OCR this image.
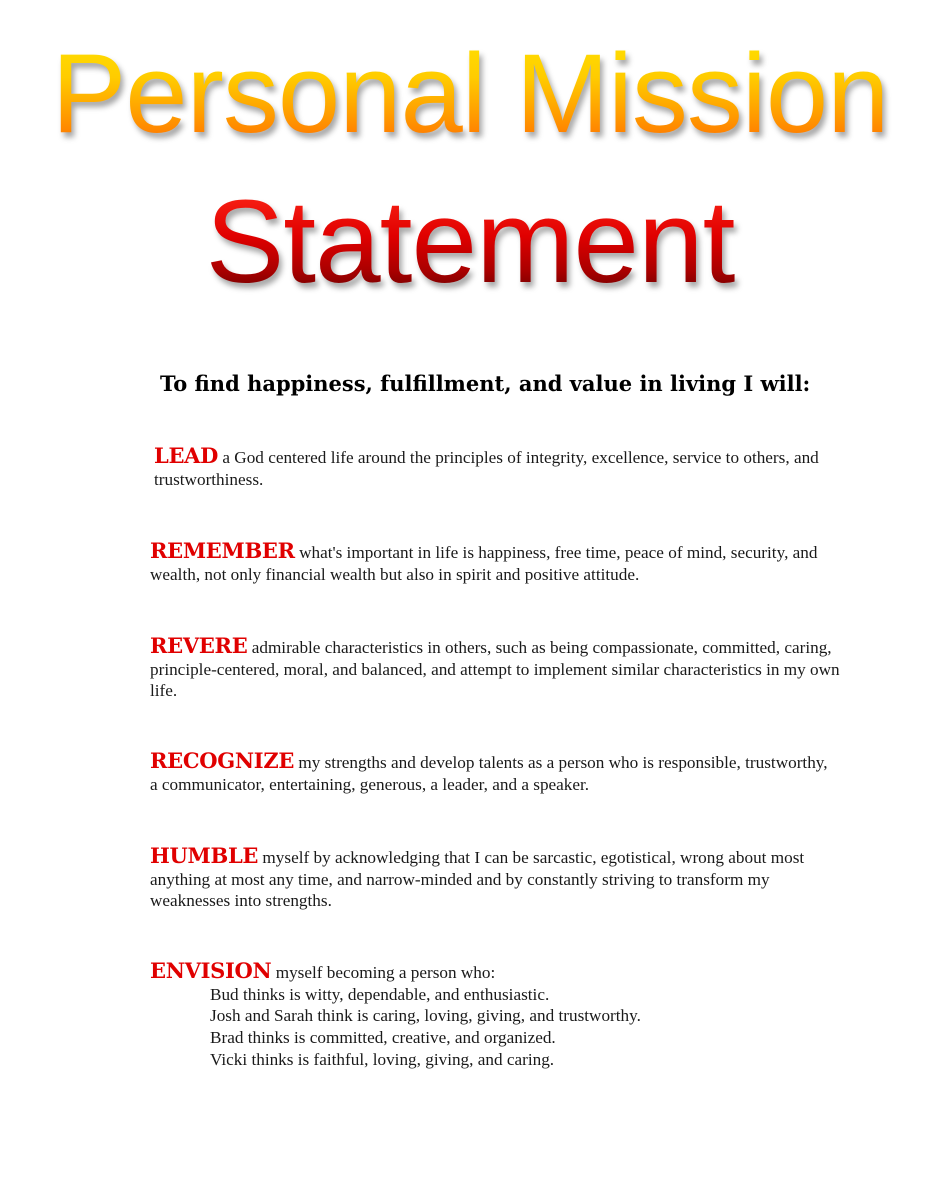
Personal Mission
Statement

To find happiness, fulfillment, and value in living I will:

LEAD a God centered life around the principles of integrity, excellence, service to others, and trustworthiness.

REMEMBER what's important in life is happiness, free time, peace of mind, security, and wealth, not only financial wealth but also in spirit and positive attitude.

REVERE admirable characteristics in others, such as being compassionate, committed, caring, principle-centered, moral, and balanced, and attempt to implement similar characteristics in my own life.

RECOGNIZE my strengths and develop talents as a person who is responsible, trustworthy, a communicator, entertaining, generous, a leader, and a speaker.

HUMBLE myself by acknowledging that I can be sarcastic, egotistical, wrong about most anything at most any time, and narrow-minded and by constantly striving to transform my weaknesses into strengths.

ENVISION myself becoming a person who:
Bud thinks is witty, dependable, and enthusiastic.
Josh and Sarah think is caring, loving, giving, and trustworthy.
Brad thinks is committed, creative, and organized.
Vicki thinks is faithful, loving, giving, and caring.
